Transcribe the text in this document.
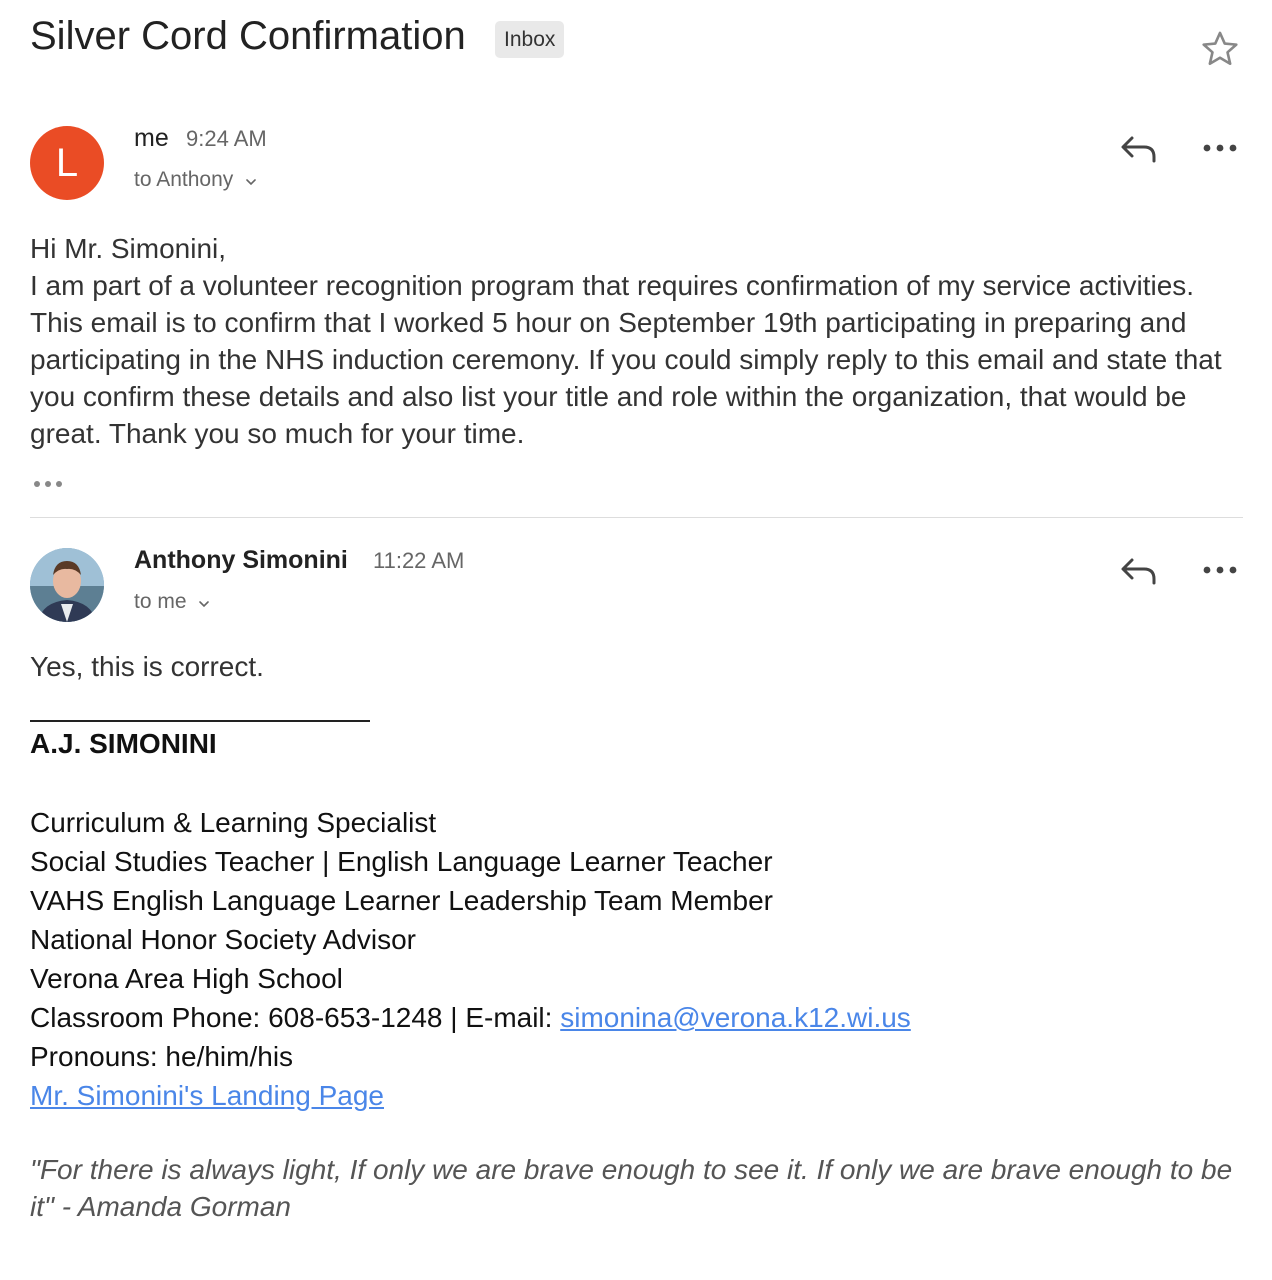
Silver Cord Confirmation	Inbox
L
me 9:24 AM
to Anthony
Hi Mr. Simonini,
I am part of a volunteer recognition program that requires confirmation of my service activities. This email is to confirm that I worked 5 hour on September 19th participating in preparing and participating in the NHS induction ceremony. If you could simply reply to this email and state that you confirm these details and also list your title and role within the organization, that would be great. Thank you so much for your time.
Anthony Simonini 11:22 AM
to me
Yes, this is correct.
A.J. SIMONINI
Curriculum & Learning Specialist
Social Studies Teacher | English Language Learner Teacher
VAHS English Language Learner Leadership Team Member
National Honor Society Advisor
Verona Area High School
Classroom Phone: 608-653-1248 | E-mail: simonina@verona.k12.wi.us
Pronouns: he/him/his
Mr. Simonini's Landing Page
"For there is always light, If only we are brave enough to see it. If only we are brave enough to be it" - Amanda Gorman
